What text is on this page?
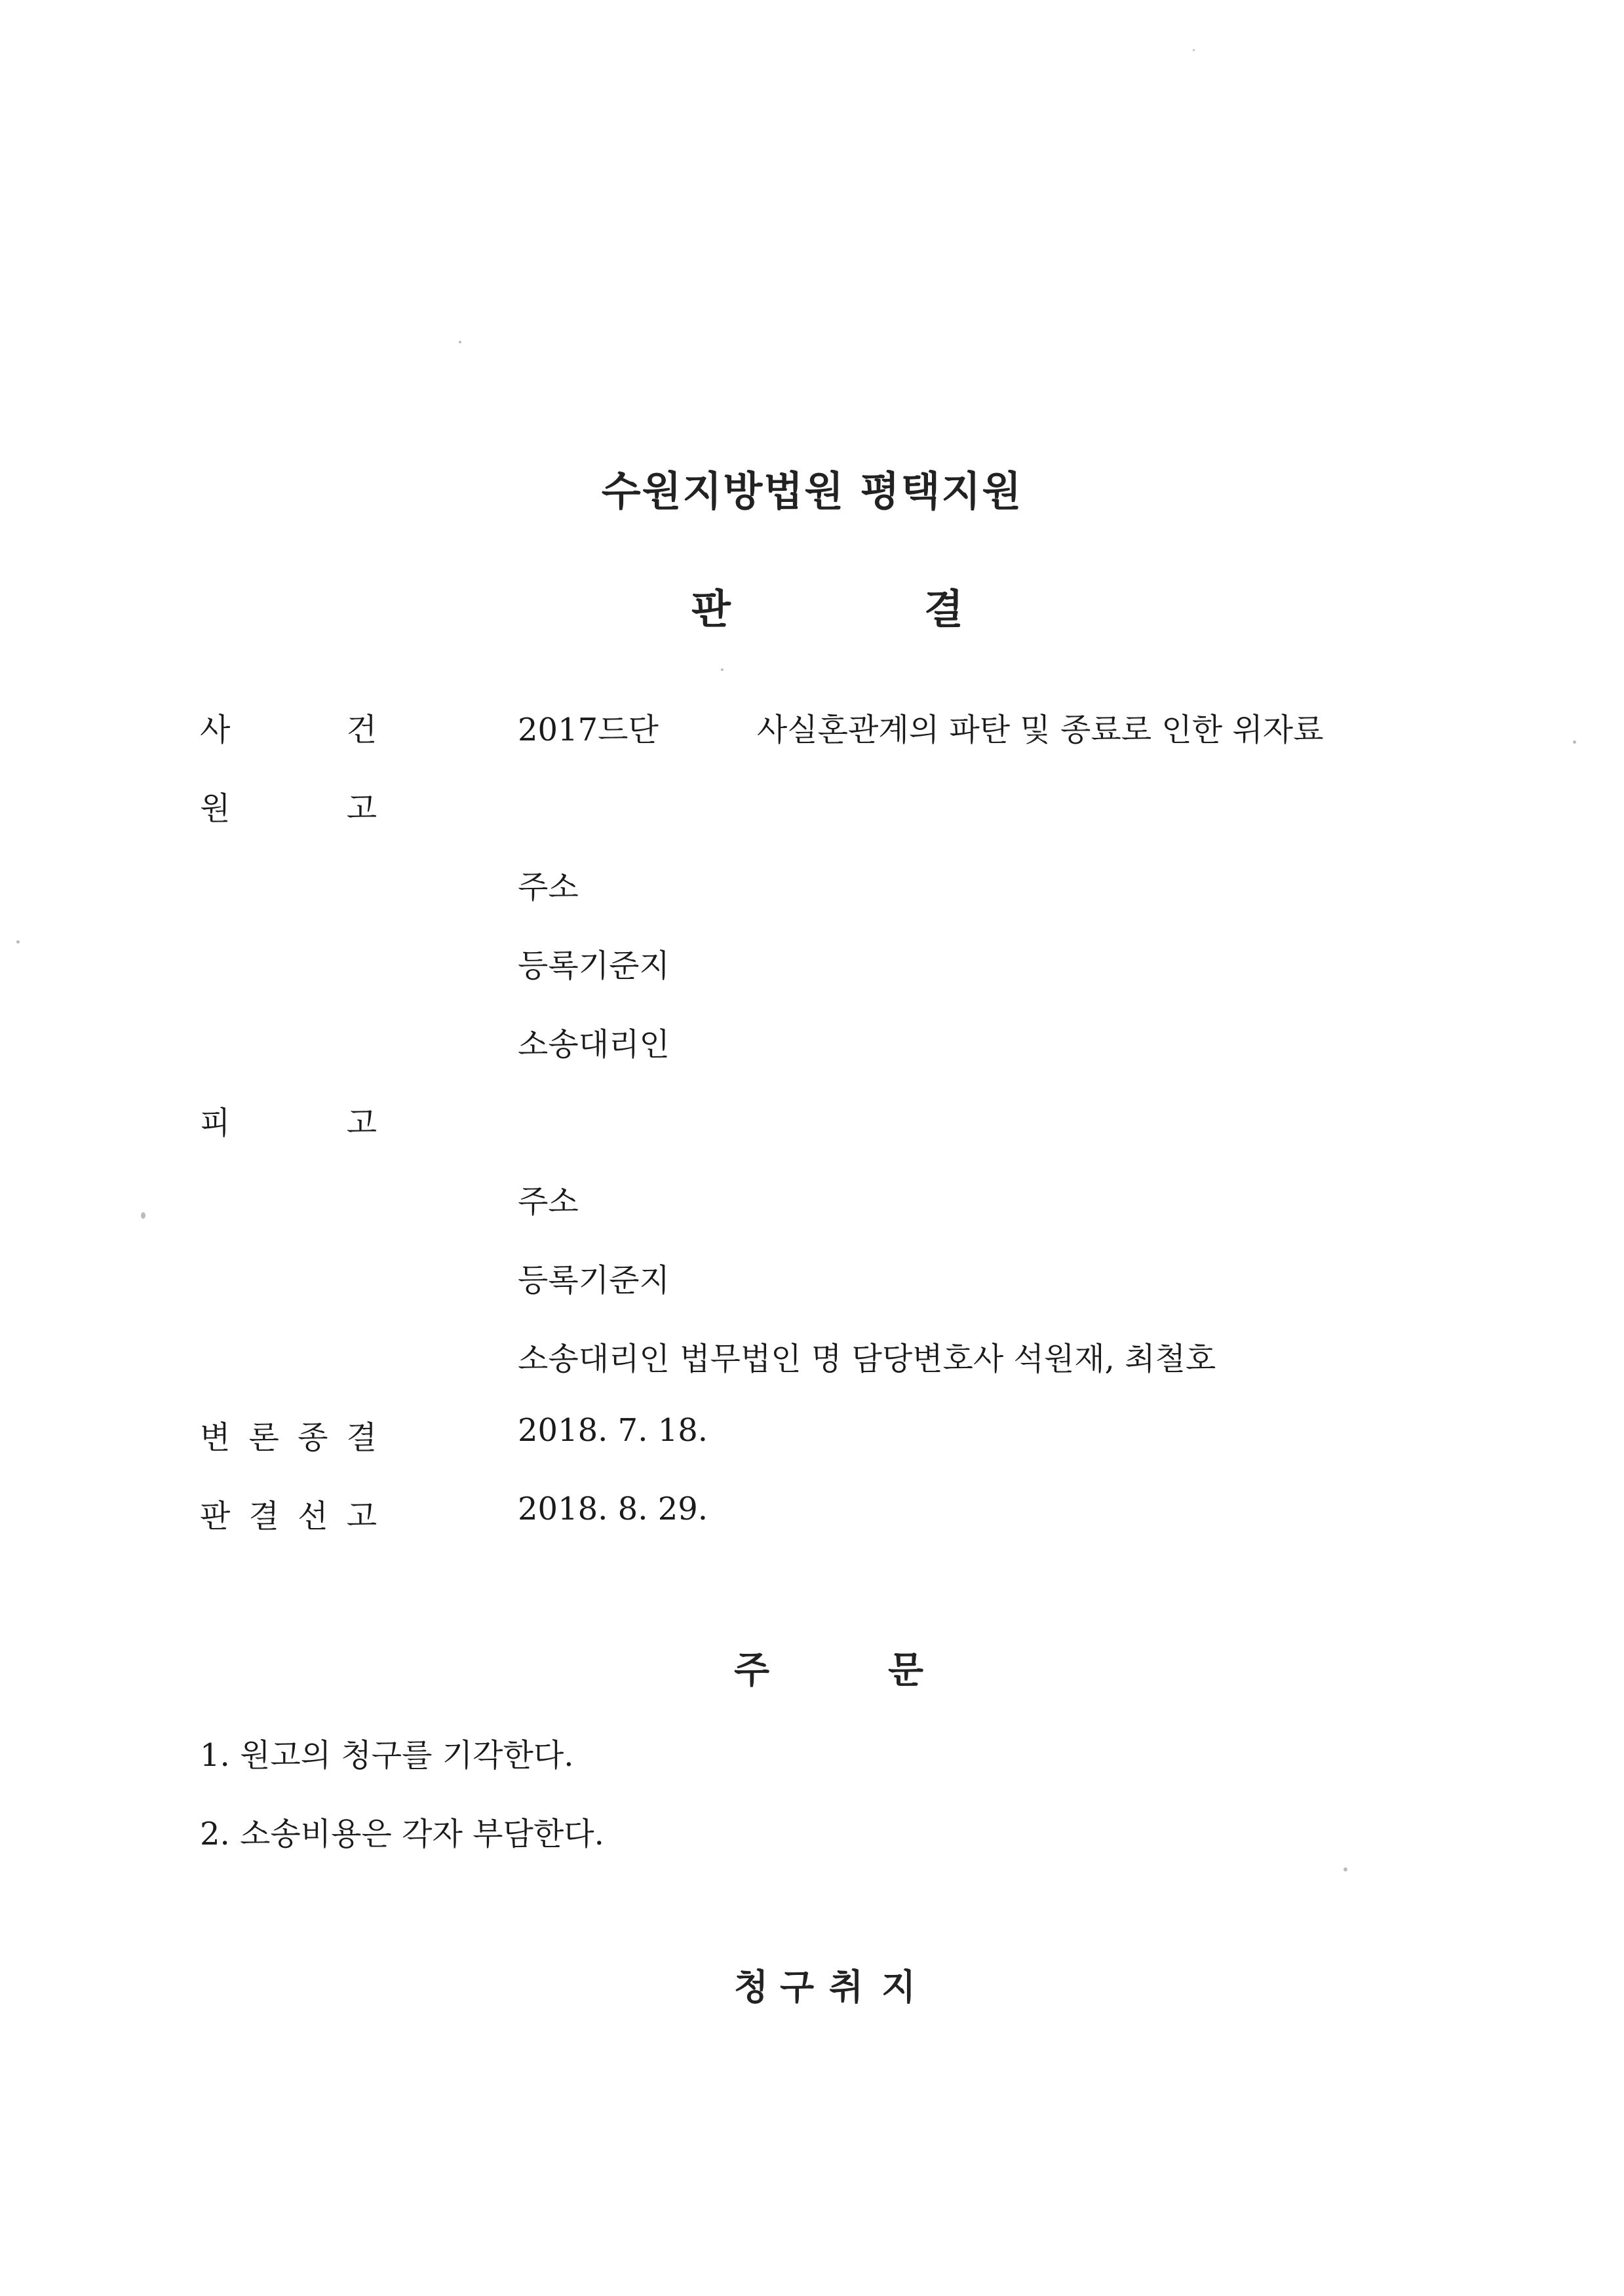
수원지방법원 평택지원
판	결
사	건	2017드단	사실혼관계의 파탄 및 종료로 인한 위자료
원	고
주소
등록기준지
소송대리인
피	고
주소
등록기준지
소송대리인 법무법인 명 담당변호사 석원재, 최철호
변 론 종 결	2018. 7. 18.
판 결 선 고	2018. 8. 29.
주	문
1. 원고의 청구를 기각한다.
2. 소송비용은 각자 부담한다.
청 구 취 지
